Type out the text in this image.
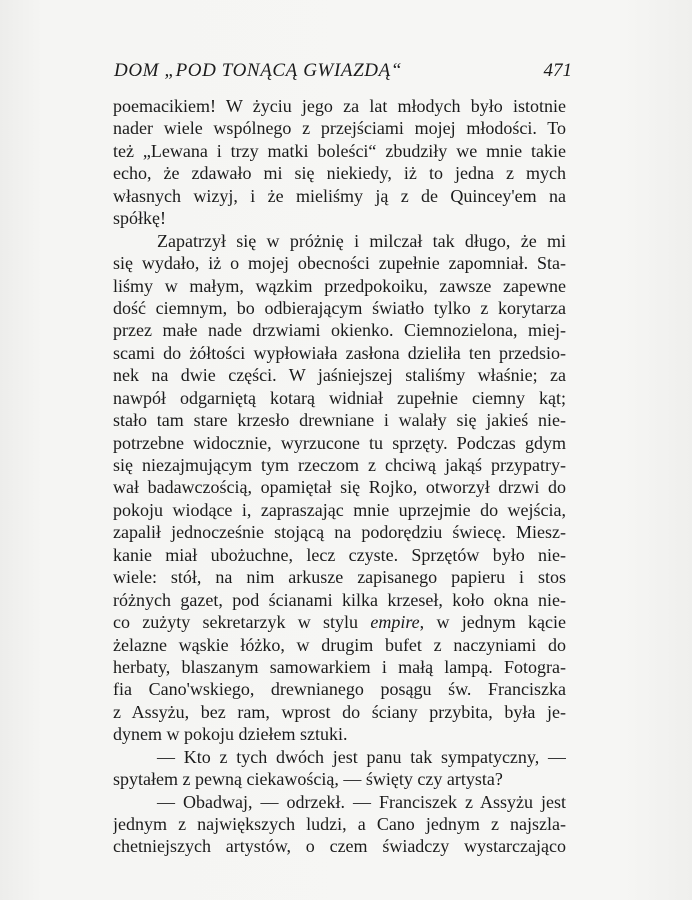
DOM „POD TONĄCĄ GWIAZDĄ“	471
poemacikiem! W życiu jego za lat młodych było istotnie
nader wiele wspólnego z przejściami mojej młodości. To
też „Lewana i trzy matki boleści“ zbudziły we mnie takie
echo, że zdawało mi się niekiedy, iż to jedna z mych
własnych wizyj, i że mieliśmy ją z de Quincey'em na
spółkę!
Zapatrzył się w próżnię i milczał tak długo, że mi
się wydało, iż o mojej obecności zupełnie zapomniał. Sta-
liśmy w małym, wązkim przedpokoiku, zawsze zapewne
dość ciemnym, bo odbierającym światło tylko z korytarza
przez małe nade drzwiami okienko. Ciemnozielona, miej-
scami do żółtości wypłowiała zasłona dzieliła ten przedsio-
nek na dwie części. W jaśniejszej staliśmy właśnie; za
nawpół odgarniętą kotarą widniał zupełnie ciemny kąt;
stało tam stare krzesło drewniane i walały się jakieś nie-
potrzebne widocznie, wyrzucone tu sprzęty. Podczas gdym
się niezajmującym tym rzeczom z chciwą jakąś przypatry-
wał badawczością, opamiętał się Rojko, otworzył drzwi do
pokoju wiodące i, zapraszając mnie uprzejmie do wejścia,
zapalił jednocześnie stojącą na podorędziu świecę. Miesz-
kanie miał ubożuchne, lecz czyste. Sprzętów było nie-
wiele: stół, na nim arkusze zapisanego papieru i stos
różnych gazet, pod ścianami kilka krzeseł, koło okna nie-
co zużyty sekretarzyk w stylu empire, w jednym kącie
żelazne wąskie łóżko, w drugim bufet z naczyniami do
herbaty, blaszanym samowarkiem i małą lampą. Fotogra-
fia Cano'wskiego, drewnianego posągu św. Franciszka
z Assyżu, bez ram, wprost do ściany przybita, była je-
dynem w pokoju dziełem sztuki.
— Kto z tych dwóch jest panu tak sympatyczny, —
spytałem z pewną ciekawością, — święty czy artysta?
— Obadwaj, — odrzekł. — Franciszek z Assyżu jest
jednym z największych ludzi, a Cano jednym z najszla-
chetniejszych artystów, o czem świadczy wystarczająco
